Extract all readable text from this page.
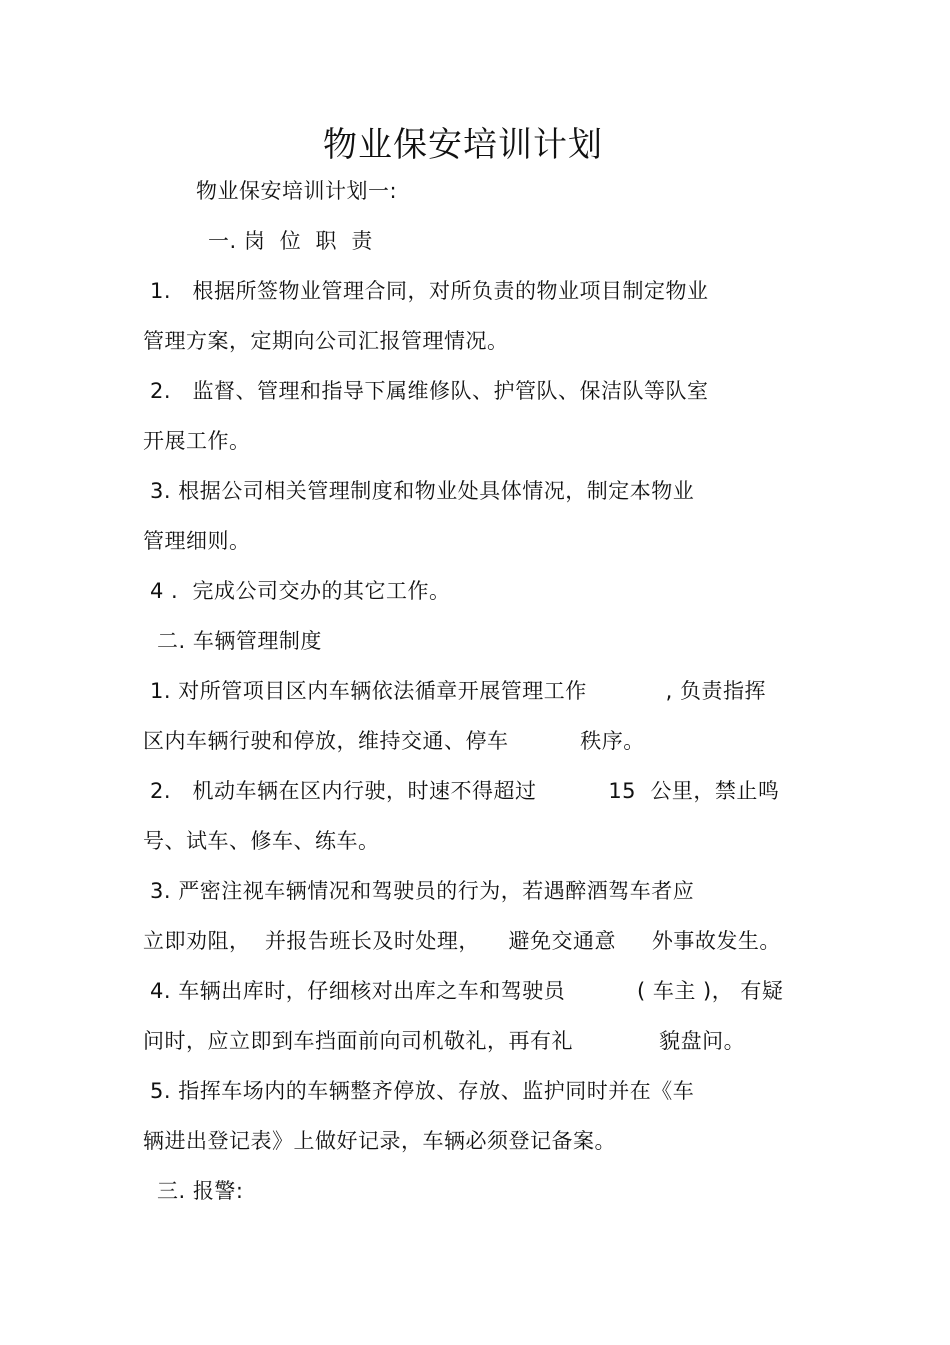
物业保安培训计划
物业保安培训计划一:
一. 岗  位  职  责
1.   根据所签物业管理合同，对所负责的物业项目制定物业
管理方案，定期向公司汇报管理情况。
2.   监督、管理和指导下属维修队、护管队、保洁队等队室
开展工作。
3. 根据公司相关管理制度和物业处具体情况，制定本物业
管理细则。
4 .  完成公司交办的其它工作。
二. 车辆管理制度
1. 对所管项目区内车辆依法循章开展管理工作           , 负责指挥
区内车辆行驶和停放，维持交通、停车          秩序。
2.   机动车辆在区内行驶，时速不得超过          15  公里，禁止鸣
号、试车、修车、练车。
3. 严密注视车辆情况和驾驶员的行为，若遇醉酒驾车者应
立即劝阻，  并报告班长及时处理，    避免交通意     外事故发生。
4. 车辆出库时，仔细核对出库之车和驾驶员          ( 车主 )， 有疑
问时，应立即到车挡面前向司机敬礼，再有礼            貌盘问。
5. 指挥车场内的车辆整齐停放、存放、监护同时并在《车
辆进出登记表》上做好记录，车辆必须登记备案。
三. 报警:
